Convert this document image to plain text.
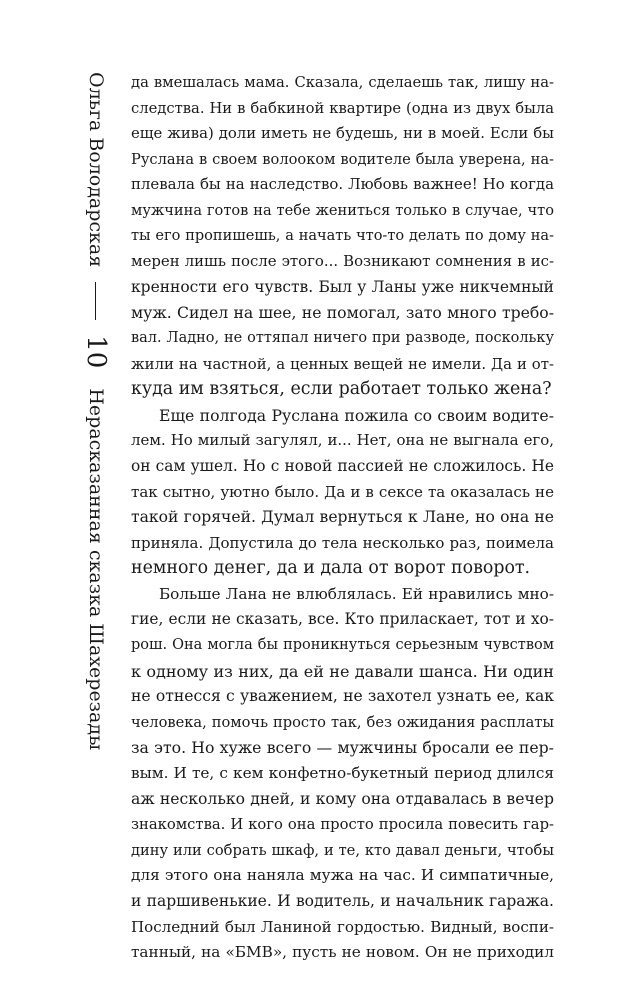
Ольга Володарская
10
Нерасказанная сказка Шахерезады
да вмешалась мама. Сказала, сделаешь так, лишу на-
следства. Ни в бабкиной квартире (одна из двух была
еще жива) доли иметь не будешь, ни в моей. Если бы
Руслана в своем волооком водителе была уверена, на-
плевала бы на наследство. Любовь важнее! Но когда
мужчина готов на тебе жениться только в случае, что
ты его пропишешь, а начать что-то делать по дому на-
мерен лишь после этого... Возникают сомнения в ис-
кренности его чувств. Был у Ланы уже никчемный
муж. Сидел на шее, не помогал, зато много требо-
вал. Ладно, не оттяпал ничего при разводе, поскольку
жили на частной, а ценных вещей не имели. Да и от-
куда им взяться, если работает только жена?
Еще полгода Руслана пожила со своим водите-
лем. Но милый загулял, и... Нет, она не выгнала его,
он сам ушел. Но с новой пассией не сложилось. Не
так сытно, уютно было. Да и в сексе та оказалась не
такой горячей. Думал вернуться к Лане, но она не
приняла. Допустила до тела несколько раз, поимела
немного денег, да и дала от ворот поворот.
Больше Лана не влюблялась. Ей нравились мно-
гие, если не сказать, все. Кто приласкает, тот и хо-
рош. Она могла бы проникнуться серьезным чувством
к одному из них, да ей не давали шанса. Ни один
не отнесся с уважением, не захотел узнать ее, как
человека, помочь просто так, без ожидания расплаты
за это. Но хуже всего — мужчины бросали ее пер-
вым. И те, с кем конфетно-букетный период длился
аж несколько дней, и кому она отдавалась в вечер
знакомства. И кого она просто просила повесить гар-
дину или собрать шкаф, и те, кто давал деньги, чтобы
для этого она наняла мужа на час. И симпатичные,
и паршивенькие. И водитель, и начальник гаража.
Последний был Ланиной гордостью. Видный, воспи-
танный, на «БМВ», пусть не новом. Он не приходил
